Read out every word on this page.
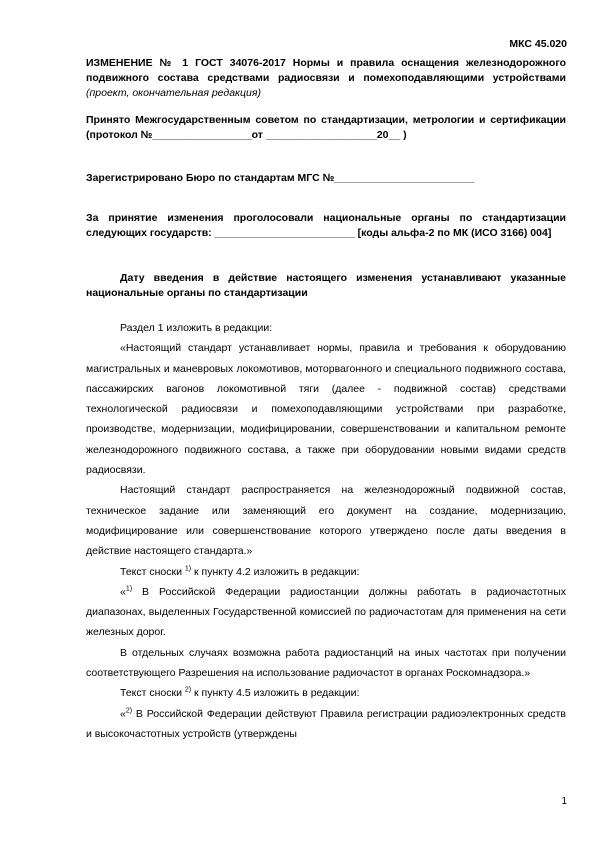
МКС 45.020
ИЗМЕНЕНИЕ № 1 ГОСТ 34076-2017 Нормы и правила оснащения железнодорожного подвижного состава средствами радиосвязи и помехоподавляющими устройствами (проект, окончательная редакция)
Принято Межгосударственным советом по стандартизации, метрологии и сертификации (протокол №_________________от ___________________20__ )
Зарегистрировано Бюро по стандартам МГС №________________________
За принятие изменения проголосовали национальные органы по стандартизации следующих государств: ________________________ [коды альфа-2 по МК (ИСО 3166) 004]
Дату введения в действие настоящего изменения устанавливают указанные национальные органы по стандартизации

Раздел 1 изложить в редакции:

«Настоящий стандарт устанавливает нормы, правила и требования к оборудованию магистральных и маневровых локомотивов, моторвагонного и специального подвижного состава, пассажирских вагонов локомотивной тяги (далее - подвижной состав) средствами технологической радиосвязи и помехоподавляющими устройствами при разработке, производстве, модернизации, модифицировании, совершенствовании и капитальном ремонте железнодорожного подвижного состава, а также при оборудовании новыми видами средств радиосвязи.

Настоящий стандарт распространяется на железнодорожный подвижной состав, техническое задание или заменяющий его документ на создание, модернизацию, модифицирование или совершенствование которого утверждено после даты введения в действие настоящего стандарта.»

Текст сноски $^{1)}$ к пункту 4.2 изложить в редакции:

«$^{1)}$ В Российской Федерации радиостанции должны работать в радиочастотных диапазонах, выделенных Государственной комиссией по радиочастотам для применения на сети железных дорог.

В отдельных случаях возможна работа радиостанций на иных частотах при получении соответствующего Разрешения на использование радиочастот в органах Роскомнадзора.»

Текст сноски $^{2)}$ к пункту 4.5 изложить в редакции:

«$^{2)}$ В Российской Федерации действуют Правила регистрации радиоэлектронных средств и высокочастотных устройств (утверждены

1
